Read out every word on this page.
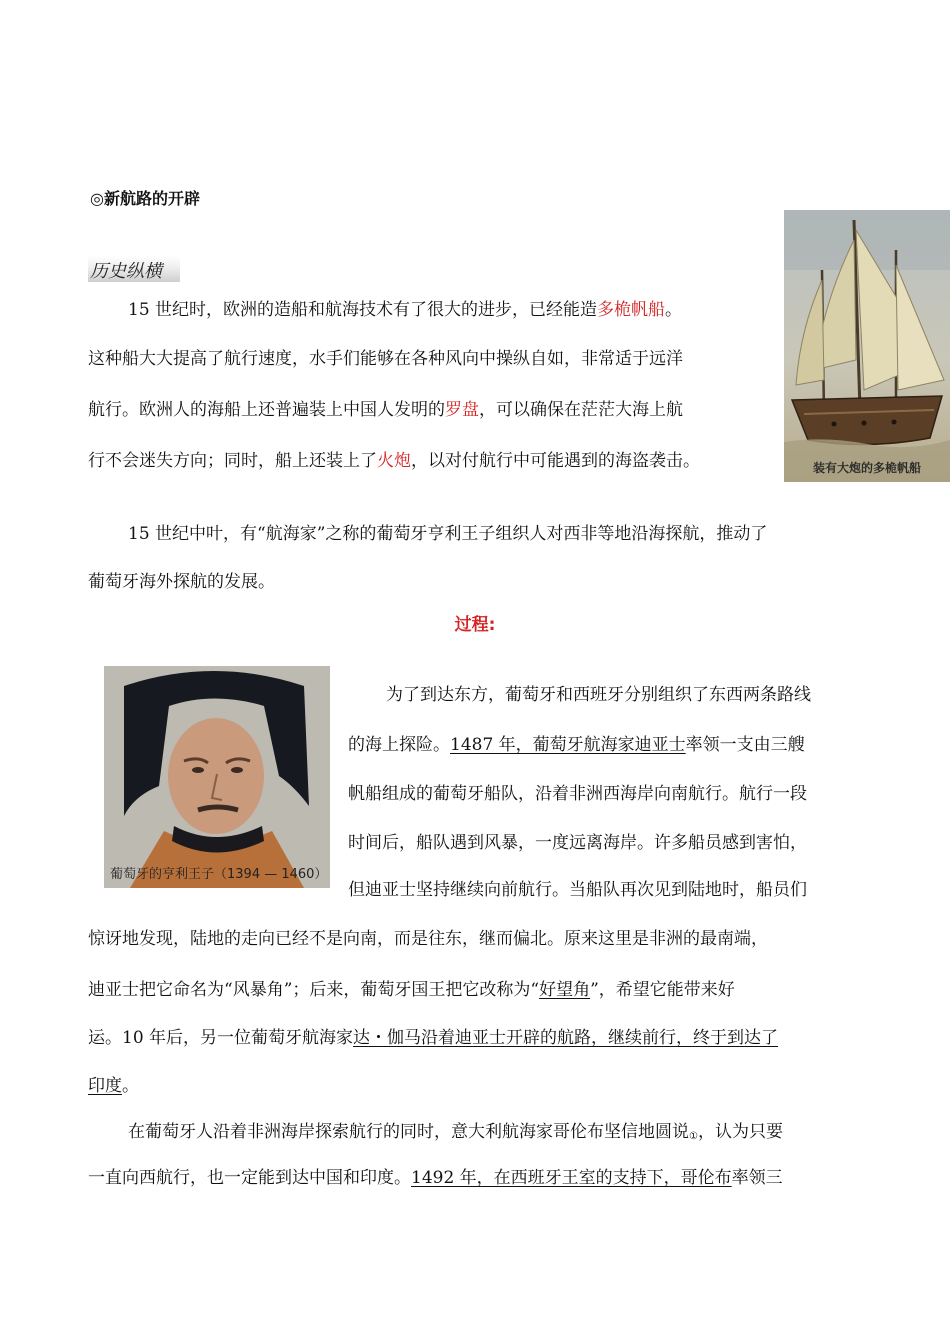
◎新航路的开辟
历史纵横
15 世纪时，欧洲的造船和航海技术有了很大的进步，已经能造多桅帆船。
这种船大大提高了航行速度，水手们能够在各种风向中操纵自如，非常适于远洋
航行。欧洲人的海船上还普遍装上中国人发明的罗盘，可以确保在茫茫大海上航
行不会迷失方向；同时，船上还装上了火炮，以对付航行中可能遇到的海盗袭击。	装有大炮的多桅帆船
15 世纪中叶，有“航海家”之称的葡萄牙亨利王子组织人对西非等地沿海探航，推动了
葡萄牙海外探航的发展。
过程:
葡萄牙的亨利王子（1394 — 1460）
为了到达东方，葡萄牙和西班牙分别组织了东西两条路线
的海上探险。1487 年，葡萄牙航海家迪亚士率领一支由三艘
帆船组成的葡萄牙船队，沿着非洲西海岸向南航行。航行一段
时间后，船队遇到风暴，一度远离海岸。许多船员感到害怕，
但迪亚士坚持继续向前航行。当船队再次见到陆地时，船员们
惊讶地发现，陆地的走向已经不是向南，而是往东，继而偏北。原来这里是非洲的最南端，
迪亚士把它命名为“风暴角”；后来，葡萄牙国王把它改称为“好望角”，希望它能带来好
运。10 年后，另一位葡萄牙航海家达・伽马沿着迪亚士开辟的航路，继续前行，终于到达了
印度。
在葡萄牙人沿着非洲海岸探索航行的同时，意大利航海家哥伦布坚信地圆说$_①$，认为只要
一直向西航行，也一定能到达中国和印度。1492 年，在西班牙王室的支持下，哥伦布率领三
